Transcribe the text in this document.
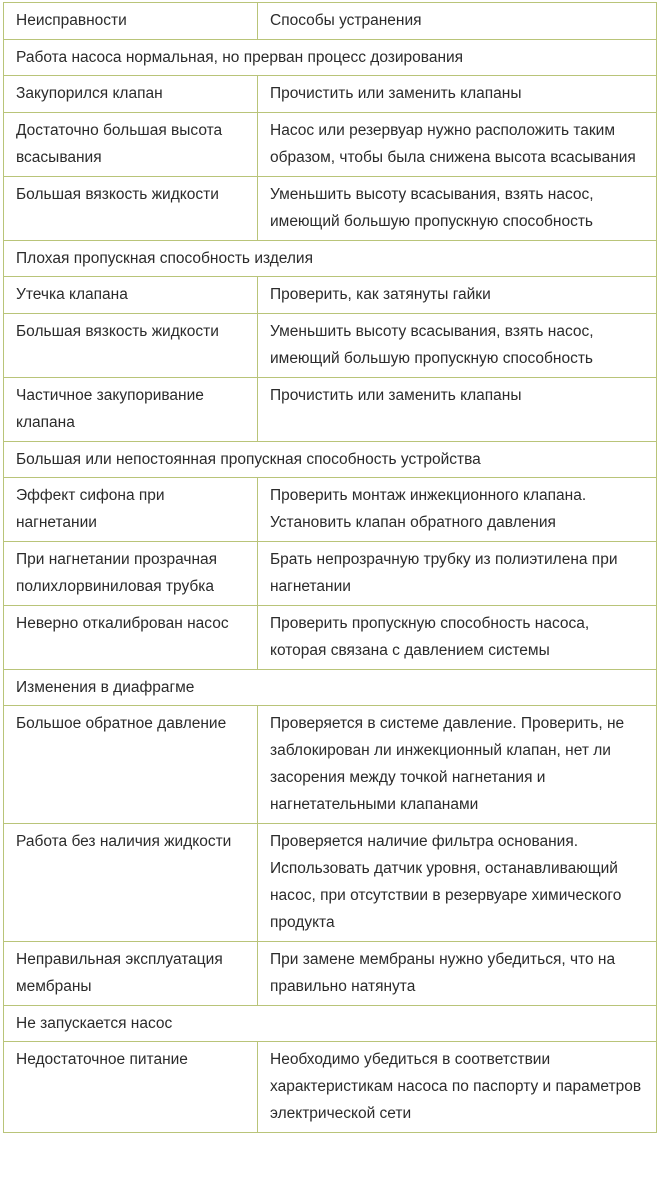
Неисправности	Способы устранения
Работа насоса нормальная, но прерван процесс дозирования	
Закупорился клапан	Прочистить или заменить клапаны
Достаточно большая высота всасывания	Насос или резервуар нужно расположить таким образом, чтобы была снижена высота всасывания
Большая вязкость жидкости	Уменьшить высоту всасывания, взять насос, имеющий большую пропускную способность
Плохая пропускная способность изделия	
Утечка клапана	Проверить, как затянуты гайки
Большая вязкость жидкости	Уменьшить высоту всасывания, взять насос, имеющий большую пропускную способность
Частичное закупоривание клапана	Прочистить или заменить клапаны
Большая или непостоянная пропускная способность устройства	
Эффект сифона при нагнетании	Проверить монтаж инжекционного клапана. Установить клапан обратного давления
При нагнетании прозрачная полихлорвиниловая трубка	Брать непрозрачную трубку из полиэтилена при нагнетании
Неверно откалиброван насос	Проверить пропускную способность насоса, которая связана с давлением системы
Изменения в диафрагме	
Большое обратное давление	Проверяется в системе давление. Проверить, не заблокирован ли инжекционный клапан, нет ли засорения между точкой нагнетания и нагнетательными клапанами
Работа без наличия жидкости	Проверяется наличие фильтра основания. Использовать датчик уровня, останавливающий насос, при отсутствии в резервуаре химического продукта
Неправильная эксплуатация мембраны	При замене мембраны нужно убедиться, что на правильно натянута
Не запускается насос	
Недостаточное питание	Необходимо убедиться в соответствии характеристикам насоса по паспорту и параметров электрической сети
